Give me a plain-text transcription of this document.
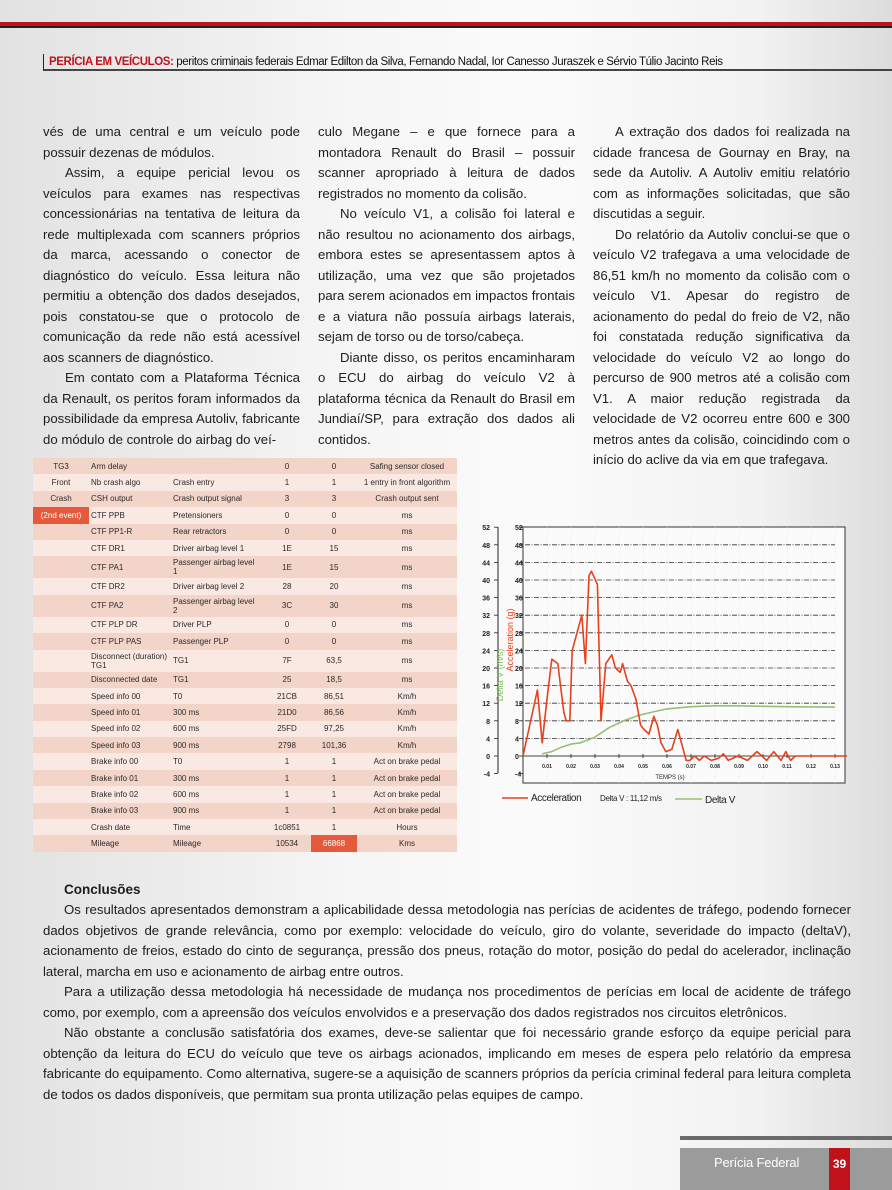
PERÍCIA EM VEÍCULOS: peritos criminais federais Edmar Edilton da Silva, Fernando Nadal, Ior Canesso Juraszek e Sérvio Túlio Jacinto Reis

vés de uma central e um veículo pode possuir dezenas de módulos.

Assim, a equipe pericial levou os veículos para exames nas respectivas concessionárias na tentativa de leitura da rede multiplexada com scanners próprios da marca, acessando o conector de diagnóstico do veículo. Essa leitura não permitiu a obtenção dos dados desejados, pois constatou-se que o protocolo de comunicação da rede não está acessível aos scanners de diagnóstico.

Em contato com a Plataforma Técnica da Renault, os peritos foram informados da possibilidade da empresa Autoliv, fabricante do módulo de controle do airbag do veí-

culo Megane – e que fornece para a montadora Renault do Brasil – possuir scanner apropriado à leitura de dados registrados no momento da colisão.

No veículo V1, a colisão foi lateral e não resultou no acionamento dos airbags, embora estes se apresentassem aptos à utilização, uma vez que são projetados para serem acionados em impactos frontais e a viatura não possuía airbags laterais, sejam de torso ou de torso/cabeça.

Diante disso, os peritos encaminharam o ECU do airbag do veículo V2 à plataforma técnica da Renault do Brasil em Jundiaí/SP, para extração dos dados ali contidos.

A extração dos dados foi realizada na cidade francesa de Gournay en Bray, na sede da Autoliv. A Autoliv emitiu relatório com as informações solicitadas, que são discutidas a seguir.

Do relatório da Autoliv conclui-se que o veículo V2 trafegava a uma velocidade de 86,51 km/h no momento da colisão com o veículo V1. Apesar do registro de acionamento do pedal do freio de V2, não foi constatada redução significativa da velocidade do veículo V2 ao longo do percurso de 900 metros até a colisão com V1. A maior redução registrada da velocidade de V2 ocorreu entre 600 e 300 metros antes da colisão, coincidindo com o início do aclive da via em que trafegava.

TG3	Arm delay		0	0	Safing sensor closed
Front	Nb crash algo	Crash entry	1	1	1 entry in front algorithm
Crash	CSH output	Crash output signal	3	3	Crash output sent
(2nd event)	CTF PPB	Pretensioners	0	0	ms
	CTF PP1-R	Rear retractors	0	0	ms
	CTF DR1	Driver airbag level 1	1E	15	ms
	CTF PA1	Passenger airbag level 1	1E	15	ms
	CTF DR2	Driver airbag level 2	28	20	ms
	CTF PA2	Passenger airbag level 2	3C	30	ms
	CTF PLP DR	Driver PLP	0	0	ms
	CTF PLP PAS	Passenger PLP	0	0	ms
	Disconnect (duration) TG1	TG1	7F	63,5	ms
	Disconnected date	TG1	25	18,5	ms
	Speed info 00	T0	21CB	86,51	Km/h
	Speed info 01	300 ms	21D0	86,56	Km/h
	Speed info 02	600 ms	25FD	97,25	Km/h
	Speed info 03	900 ms	2798	101,36	Km/h
	Brake info 00	T0	1	1	Act on brake pedal
	Brake info 01	300 ms	1	1	Act on brake pedal
	Brake info 02	600 ms	1	1	Act on brake pedal
	Brake info 03	900 ms	1	1	Act on brake pedal
	Crash date	Time	1c0851	1	Hours
	Mileage	Mileage	10534	66868	Kms
52	52
48	48
44	44
40	40
36	36
32	32
28	28
24	24
20	20
16	16
12	12
8	8
4	4
0	0
-4	-4
0.01	0.02	0.03	0.04	0.05	0.06	0.07	0.08	0.09	0.10	0.11	0.12	0.13
TEMPS (s)
Delta V (m/s)
Acceleration (g)
Acceleration Delta V : 11,12 m/s	Delta V
Conclusões

Os resultados apresentados demonstram a aplicabilidade dessa metodologia nas perícias de acidentes de tráfego, podendo fornecer dados objetivos de grande relevância, como por exemplo: velocidade do veículo, giro do volante, severidade do impacto (deltaV), acionamento de freios, estado do cinto de segurança, pressão dos pneus, rotação do motor, posição do pedal do acelerador, inclinação lateral, marcha em uso e acionamento de airbag entre outros.

Para a utilização dessa metodologia há necessidade de mudança nos procedimentos de perícias em local de acidente de tráfego como, por exemplo, com a apreensão dos veículos envolvidos e a preservação dos dados registrados nos circuitos eletrônicos.

Não obstante a conclusão satisfatória dos exames, deve-se salientar que foi necessário grande esforço da equipe pericial para obtenção da leitura do ECU do veículo que teve os airbags acionados, implicando em meses de espera pelo relatório da empresa fabricante do equipamento. Como alternativa, sugere-se a aquisição de scanners próprios da perícia criminal federal para leitura completa de todos os dados disponíveis, que permitam sua pronta utilização pelas equipes de campo.

Perícia Federal	39
